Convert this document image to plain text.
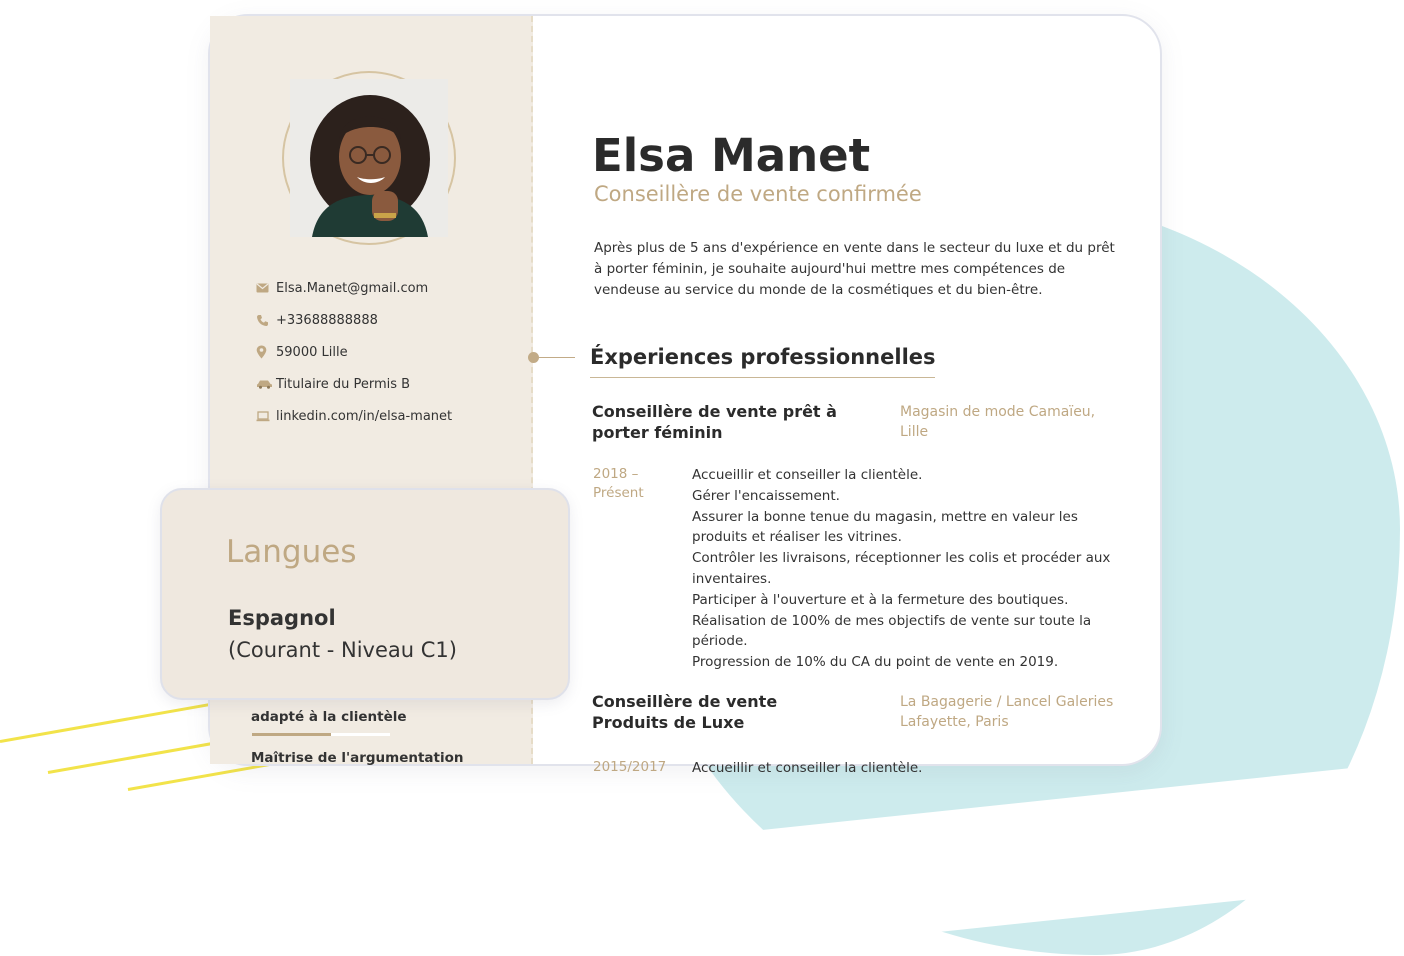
Elsa.Manet@gmail.com
+33688888888
59000 Lille
Titulaire du Permis B
linkedin.com/in/elsa-manet
adapté à la clientèle
Maîtrise de l'argumentation
Elsa Manet
Conseillère de vente confirmée

Après plus de 5 ans d'expérience en vente dans le secteur du luxe et du prêt à porter féminin, je souhaite aujourd'hui mettre mes compétences de vendeuse au service du monde de la cosmétiques et du bien-être.

Éxperiences professionnelles
Conseillère de vente prêt à porter féminin
Magasin de mode Camaïeu, Lille
2018 – Présent
Accueillir et conseiller la clientèle.
Gérer l'encaissement.
Assurer la bonne tenue du magasin, mettre en valeur les produits et réaliser les vitrines.
Contrôler les livraisons, réceptionner les colis et procéder aux inventaires.
Participer à l'ouverture et à la fermeture des boutiques.
Réalisation de 100% de mes objectifs de vente sur toute la période.
Progression de 10% du CA du point de vente en 2019.
Conseillère de vente Produits de Luxe
La Bagagerie / Lancel Galeries Lafayette, Paris
2015/2017	Accueillir et conseiller la clientèle.
Langues
Espagnol
(Courant - Niveau C1)
